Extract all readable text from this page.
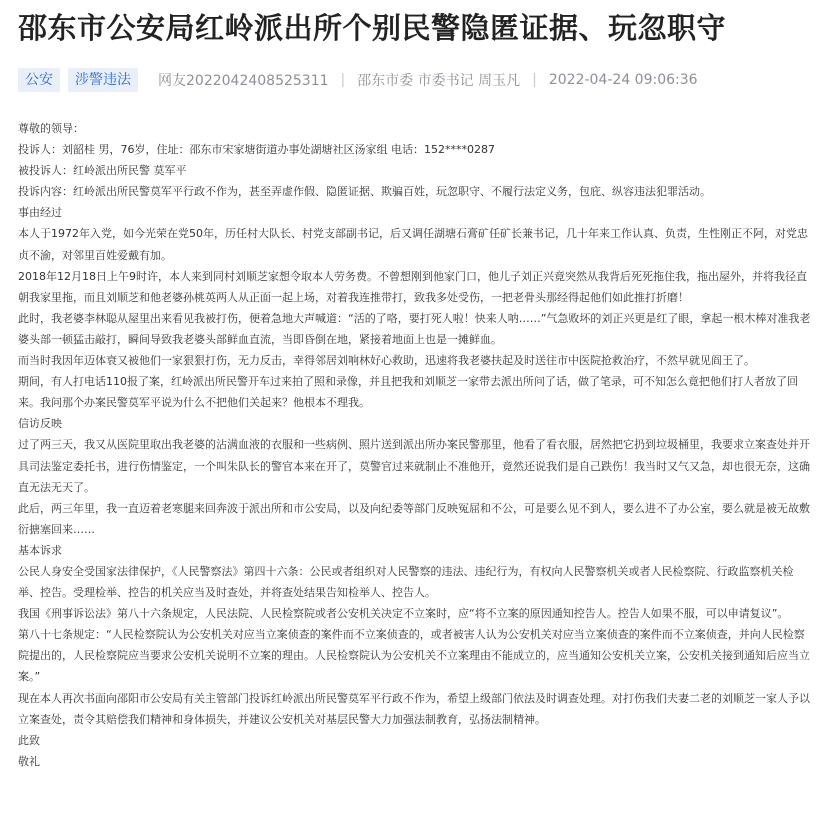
邵东市公安局红岭派出所个别民警隐匿证据、玩忽职守
公安	涉警违法	网友2022042408525311 | 邵东市委 市委书记 周玉凡 | 2022-04-24 09:06:36

尊敬的领导：

投诉人：刘韶桂 男，76岁，住址：邵东市宋家塘街道办事处湖塘社区汤家组 电话：152****0287

被投诉人：红岭派出所民警 莫军平

投诉内容：红岭派出所民警莫军平行政不作为，甚至弄虚作假、隐匿证据、欺骗百姓，玩忽职守、不履行法定义务，包庇、纵容违法犯罪活动。

事由经过

本人于1972年入党，如今光荣在党50年，历任村大队长、村党支部副书记，后又调任湖塘石膏矿任矿长兼书记，几十年来工作认真、负责，生性刚正不阿，对党忠贞不渝，对邻里百姓爱戴有加。

2018年12月18日上午9时许，本人来到同村刘顺芝家想令取本人劳务费。不曾想刚到他家门口，他儿子刘正兴竟突然从我背后死死拖住我，拖出屋外，并将我径直朝我家里拖，而且刘顺芝和他老婆孙桃英两人从正面一起上场，对着我连推带打，致我多处受伤，一把老骨头那经得起他们如此推打折磨！

此时，我老婆李林聪从屋里出来看见我被打伤，便着急地大声喊道：“活的了咯，要打死人啦！快来人呐……”气急败坏的刘正兴更是红了眼，拿起一根木棒对准我老婆头部一顿猛击敲打，瞬间导致我老婆头部鲜血直流，当即昏倒在地，紧接着地面上也是一摊鲜血。

而当时我因年迈体衰又被他们一家狠狠打伤，无力反击，幸得邻居刘响林好心救助，迅速将我老婆扶起及时送往市中医院抢救治疗，不然早就见阎王了。

期间，有人打电话110报了案，红岭派出所民警开车过来拍了照和录像，并且把我和刘顺芝一家带去派出所问了话，做了笔录，可不知怎么竟把他们打人者放了回来。我问那个办案民警莫军平说为什么不把他们关起来？他根本不理我。

信访反映

过了两三天，我又从医院里取出我老婆的沾满血液的衣服和一些病例、照片送到派出所办案民警那里，他看了看衣服，居然把它扔到垃圾桶里，我要求立案查处并开具司法鉴定委托书，进行伤情鉴定，一个叫朱队长的警官本来在开了，莫警官过来就制止不准他开，竟然还说我们是自己跌伤！我当时又气又急，却也很无奈，这确直无法无天了。

此后，两三年里，我一直迈着老寒腿来回奔波于派出所和市公安局，以及向纪委等部门反映冤屈和不公，可是要么见不到人，要么进不了办公室，要么就是被无故敷衍搪塞回来……

基本诉求

公民人身安全受国家法律保护，《人民警察法》第四十六条：公民或者组织对人民警察的违法、违纪行为，有权向人民警察机关或者人民检察院、行政监察机关检举、控告。受理检举、控告的机关应当及时查处，并将查处结果告知检举人、控告人。

我国《刑事诉讼法》第八十六条规定，人民法院、人民检察院或者公安机关决定不立案时，应“将不立案的原因通知控告人。控告人如果不服，可以申请复议”。

第八十七条规定：“人民检察院认为公安机关对应当立案侦查的案件而不立案侦查的，或者被害人认为公安机关对应当立案侦查的案件而不立案侦查，并向人民检察院提出的，人民检察院应当要求公安机关说明不立案的理由。人民检察院认为公安机关不立案理由不能成立的，应当通知公安机关立案，公安机关接到通知后应当立案。”

现在本人再次书面向邵阳市公安局有关主管部门投诉红岭派出所民警莫军平行政不作为，希望上级部门依法及时调查处理。对打伤我们夫妻二老的刘顺芝一家人予以立案查处，责令其赔偿我们精神和身体损失，并建议公安机关对基层民警大力加强法制教育，弘扬法制精神。

此致

敬礼
